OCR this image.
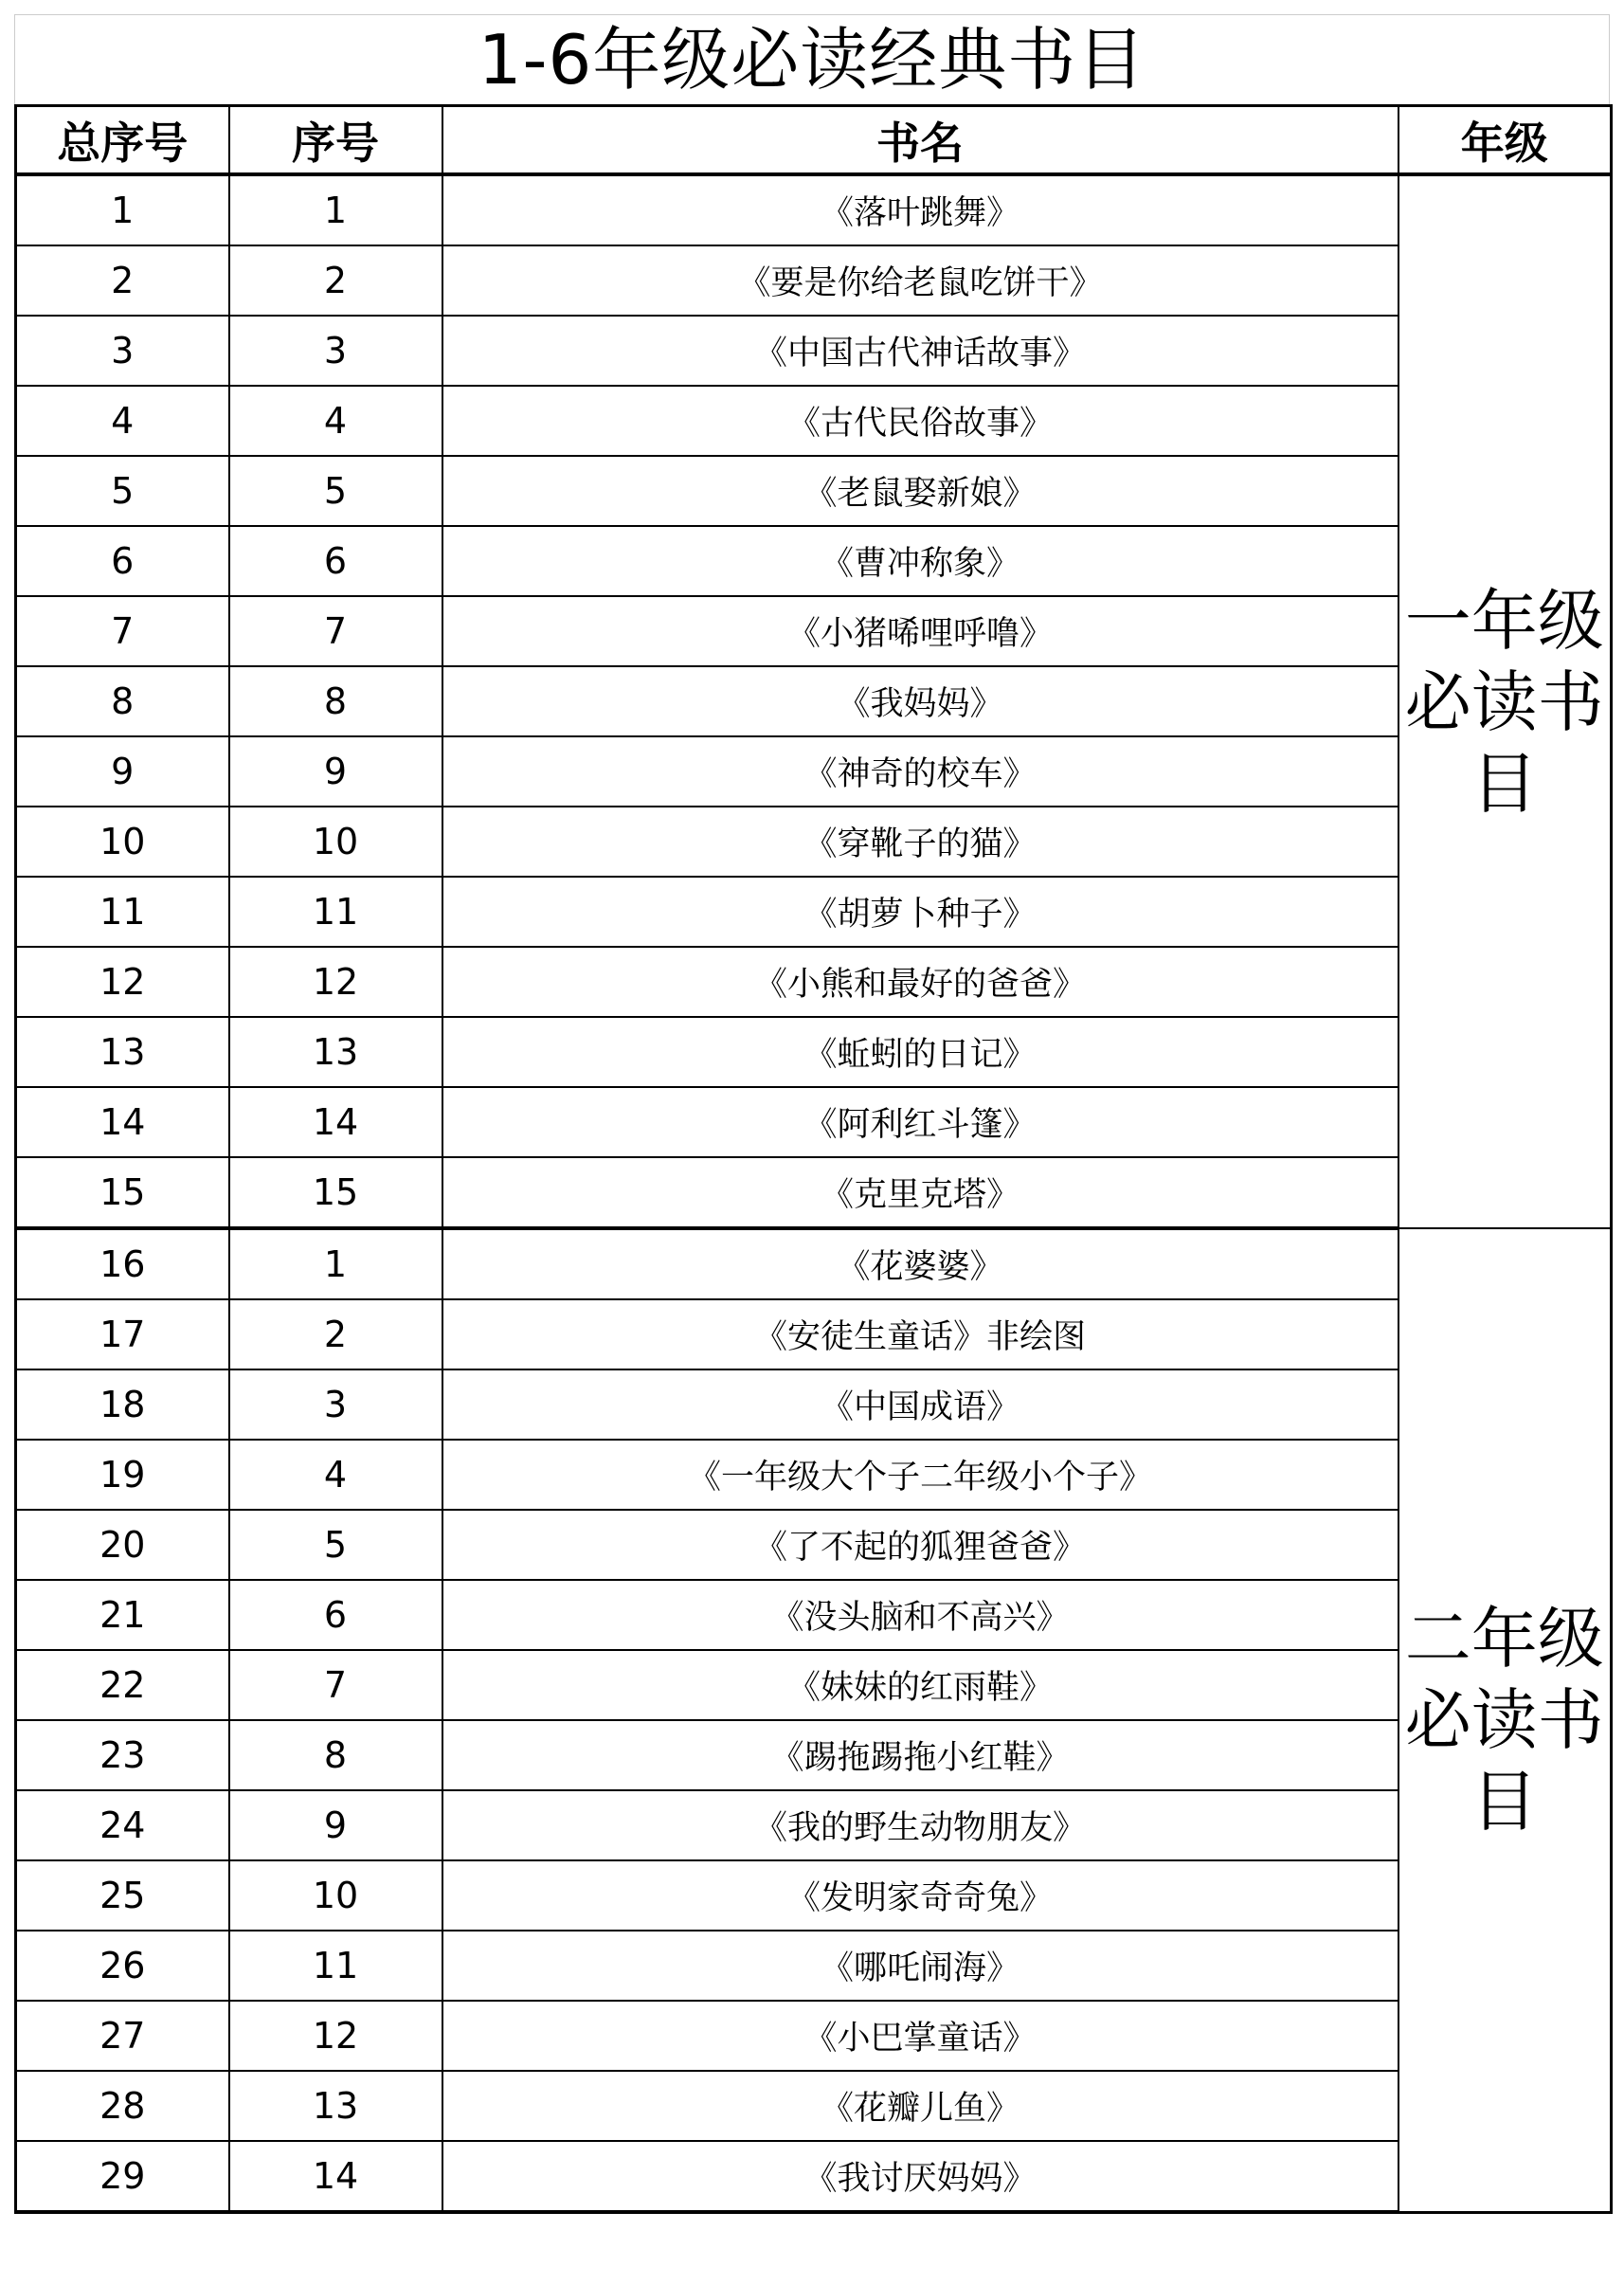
1-6年级必读经典书目
总序号	序号	书名	年级
1	1	《落叶跳舞》	一年级必读书目
2	2	《要是你给老鼠吃饼干》	
3	3	《中国古代神话故事》	
4	4	《古代民俗故事》	
5	5	《老鼠娶新娘》	
6	6	《曹冲称象》	
7	7	《小猪唏哩呼噜》	
8	8	《我妈妈》	
9	9	《神奇的校车》	
10	10	《穿靴子的猫》	
11	11	《胡萝卜种子》	
12	12	《小熊和最好的爸爸》	
13	13	《蚯蚓的日记》	
14	14	《阿利红斗篷》	
15	15	《克里克塔》	
16	1	《花婆婆》	二年级必读书目
17	2	《安徒生童话》非绘图	
18	3	《中国成语》	
19	4	《一年级大个子二年级小个子》	
20	5	《了不起的狐狸爸爸》	
21	6	《没头脑和不高兴》	
22	7	《妹妹的红雨鞋》	
23	8	《踢拖踢拖小红鞋》	
24	9	《我的野生动物朋友》	
25	10	《发明家奇奇兔》	
26	11	《哪吒闹海》	
27	12	《小巴掌童话》	
28	13	《花瓣儿鱼》	
29	14	《我讨厌妈妈》	
